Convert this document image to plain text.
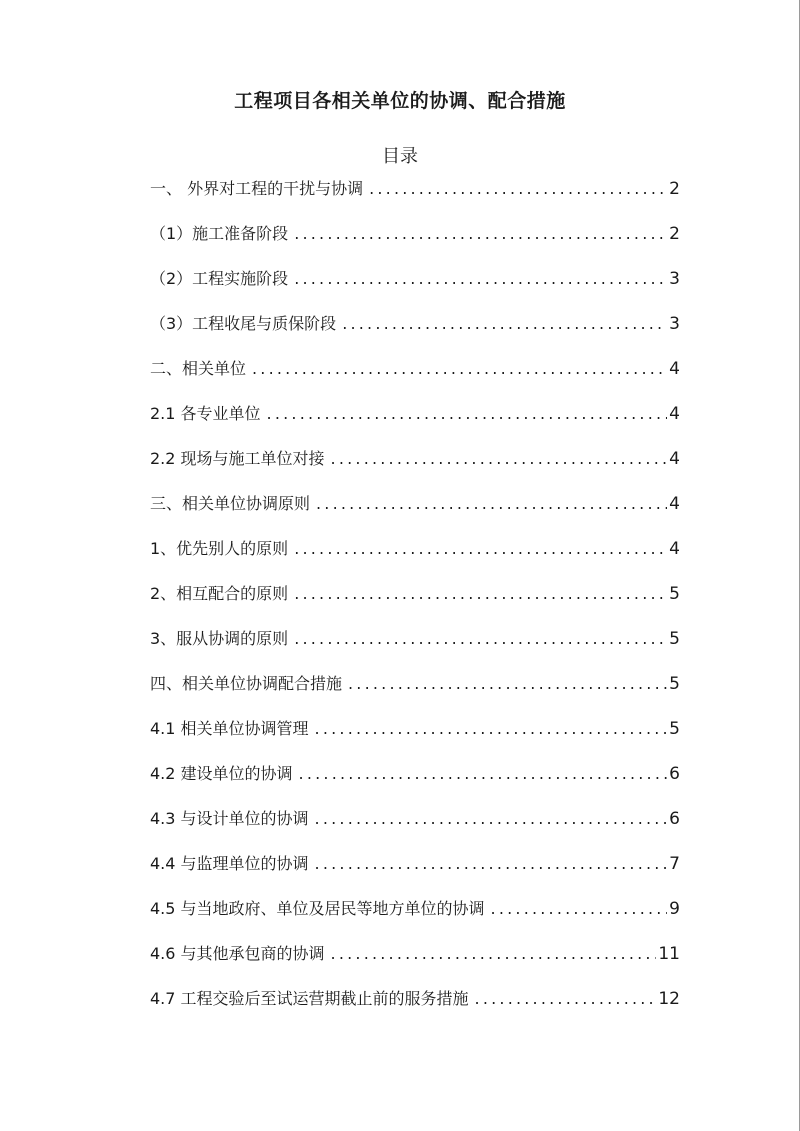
工程项目各相关单位的协调、配合措施
目录
一、 外界对工程的干扰与协调 .....	2
（1）施工准备阶段 .....	2
（2）工程实施阶段 .....	3
（3）工程收尾与质保阶段 .....	3
二、相关单位 .....	4
2.1 各专业单位 .....	4
2.2 现场与施工单位对接 .....	4
三、相关单位协调原则 .....	4
1、优先别人的原则 .....	4
2、相互配合的原则 .....	5
3、服从协调的原则 .....	5
四、相关单位协调配合措施 .....	5
4.1 相关单位协调管理 .....	5
4.2 建设单位的协调 .....	6
4.3 与设计单位的协调 .....	6
4.4 与监理单位的协调 .....	7
4.5 与当地政府、单位及居民等地方单位的协调 .....	9
4.6 与其他承包商的协调 .....	11
4.7 工程交验后至试运营期截止前的服务措施 .....	12
